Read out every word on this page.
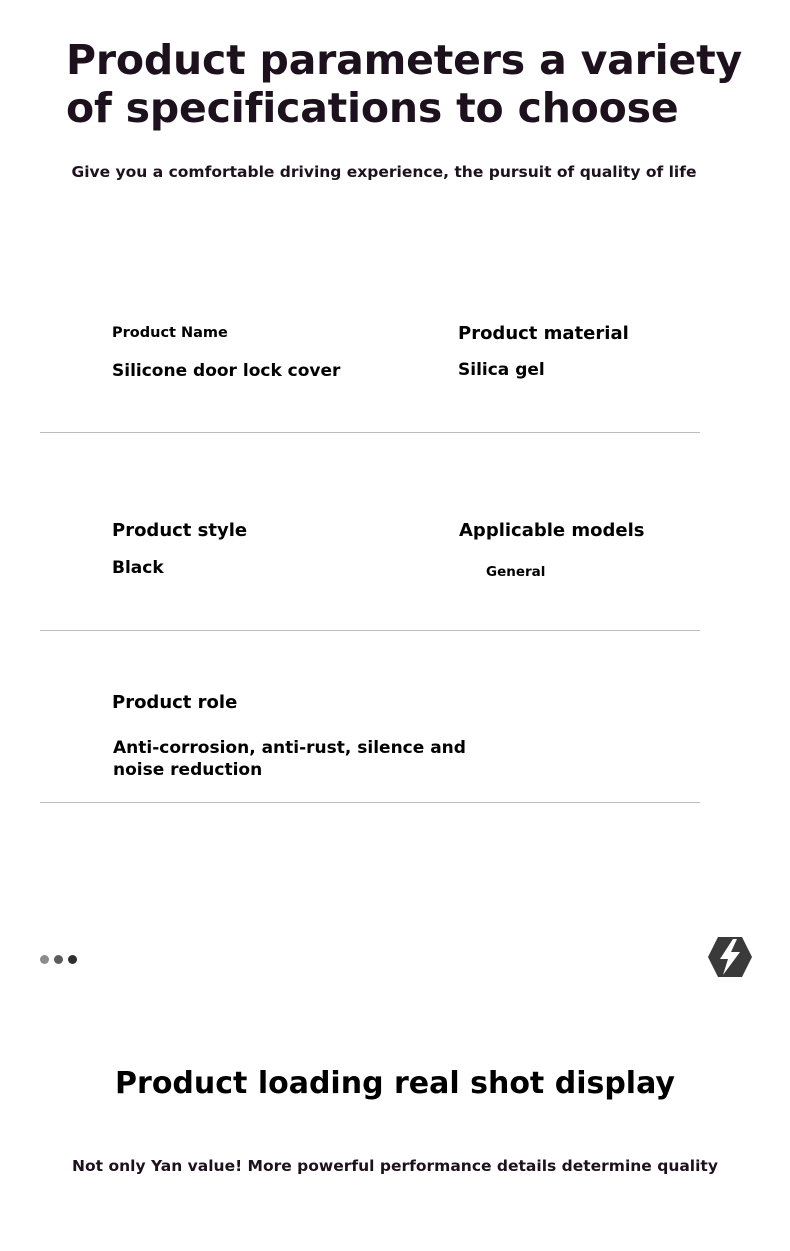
Product parameters a variety of specifications to choose
Give you a comfortable driving experience, the pursuit of quality of life
Product Name
Silicone door lock cover
Product material
Silica gel
Product style
Black
Applicable models
General
Product role
Anti-corrosion, anti-rust, silence and noise reduction
Product loading real shot display
Not only Yan value! More powerful performance details determine quality
